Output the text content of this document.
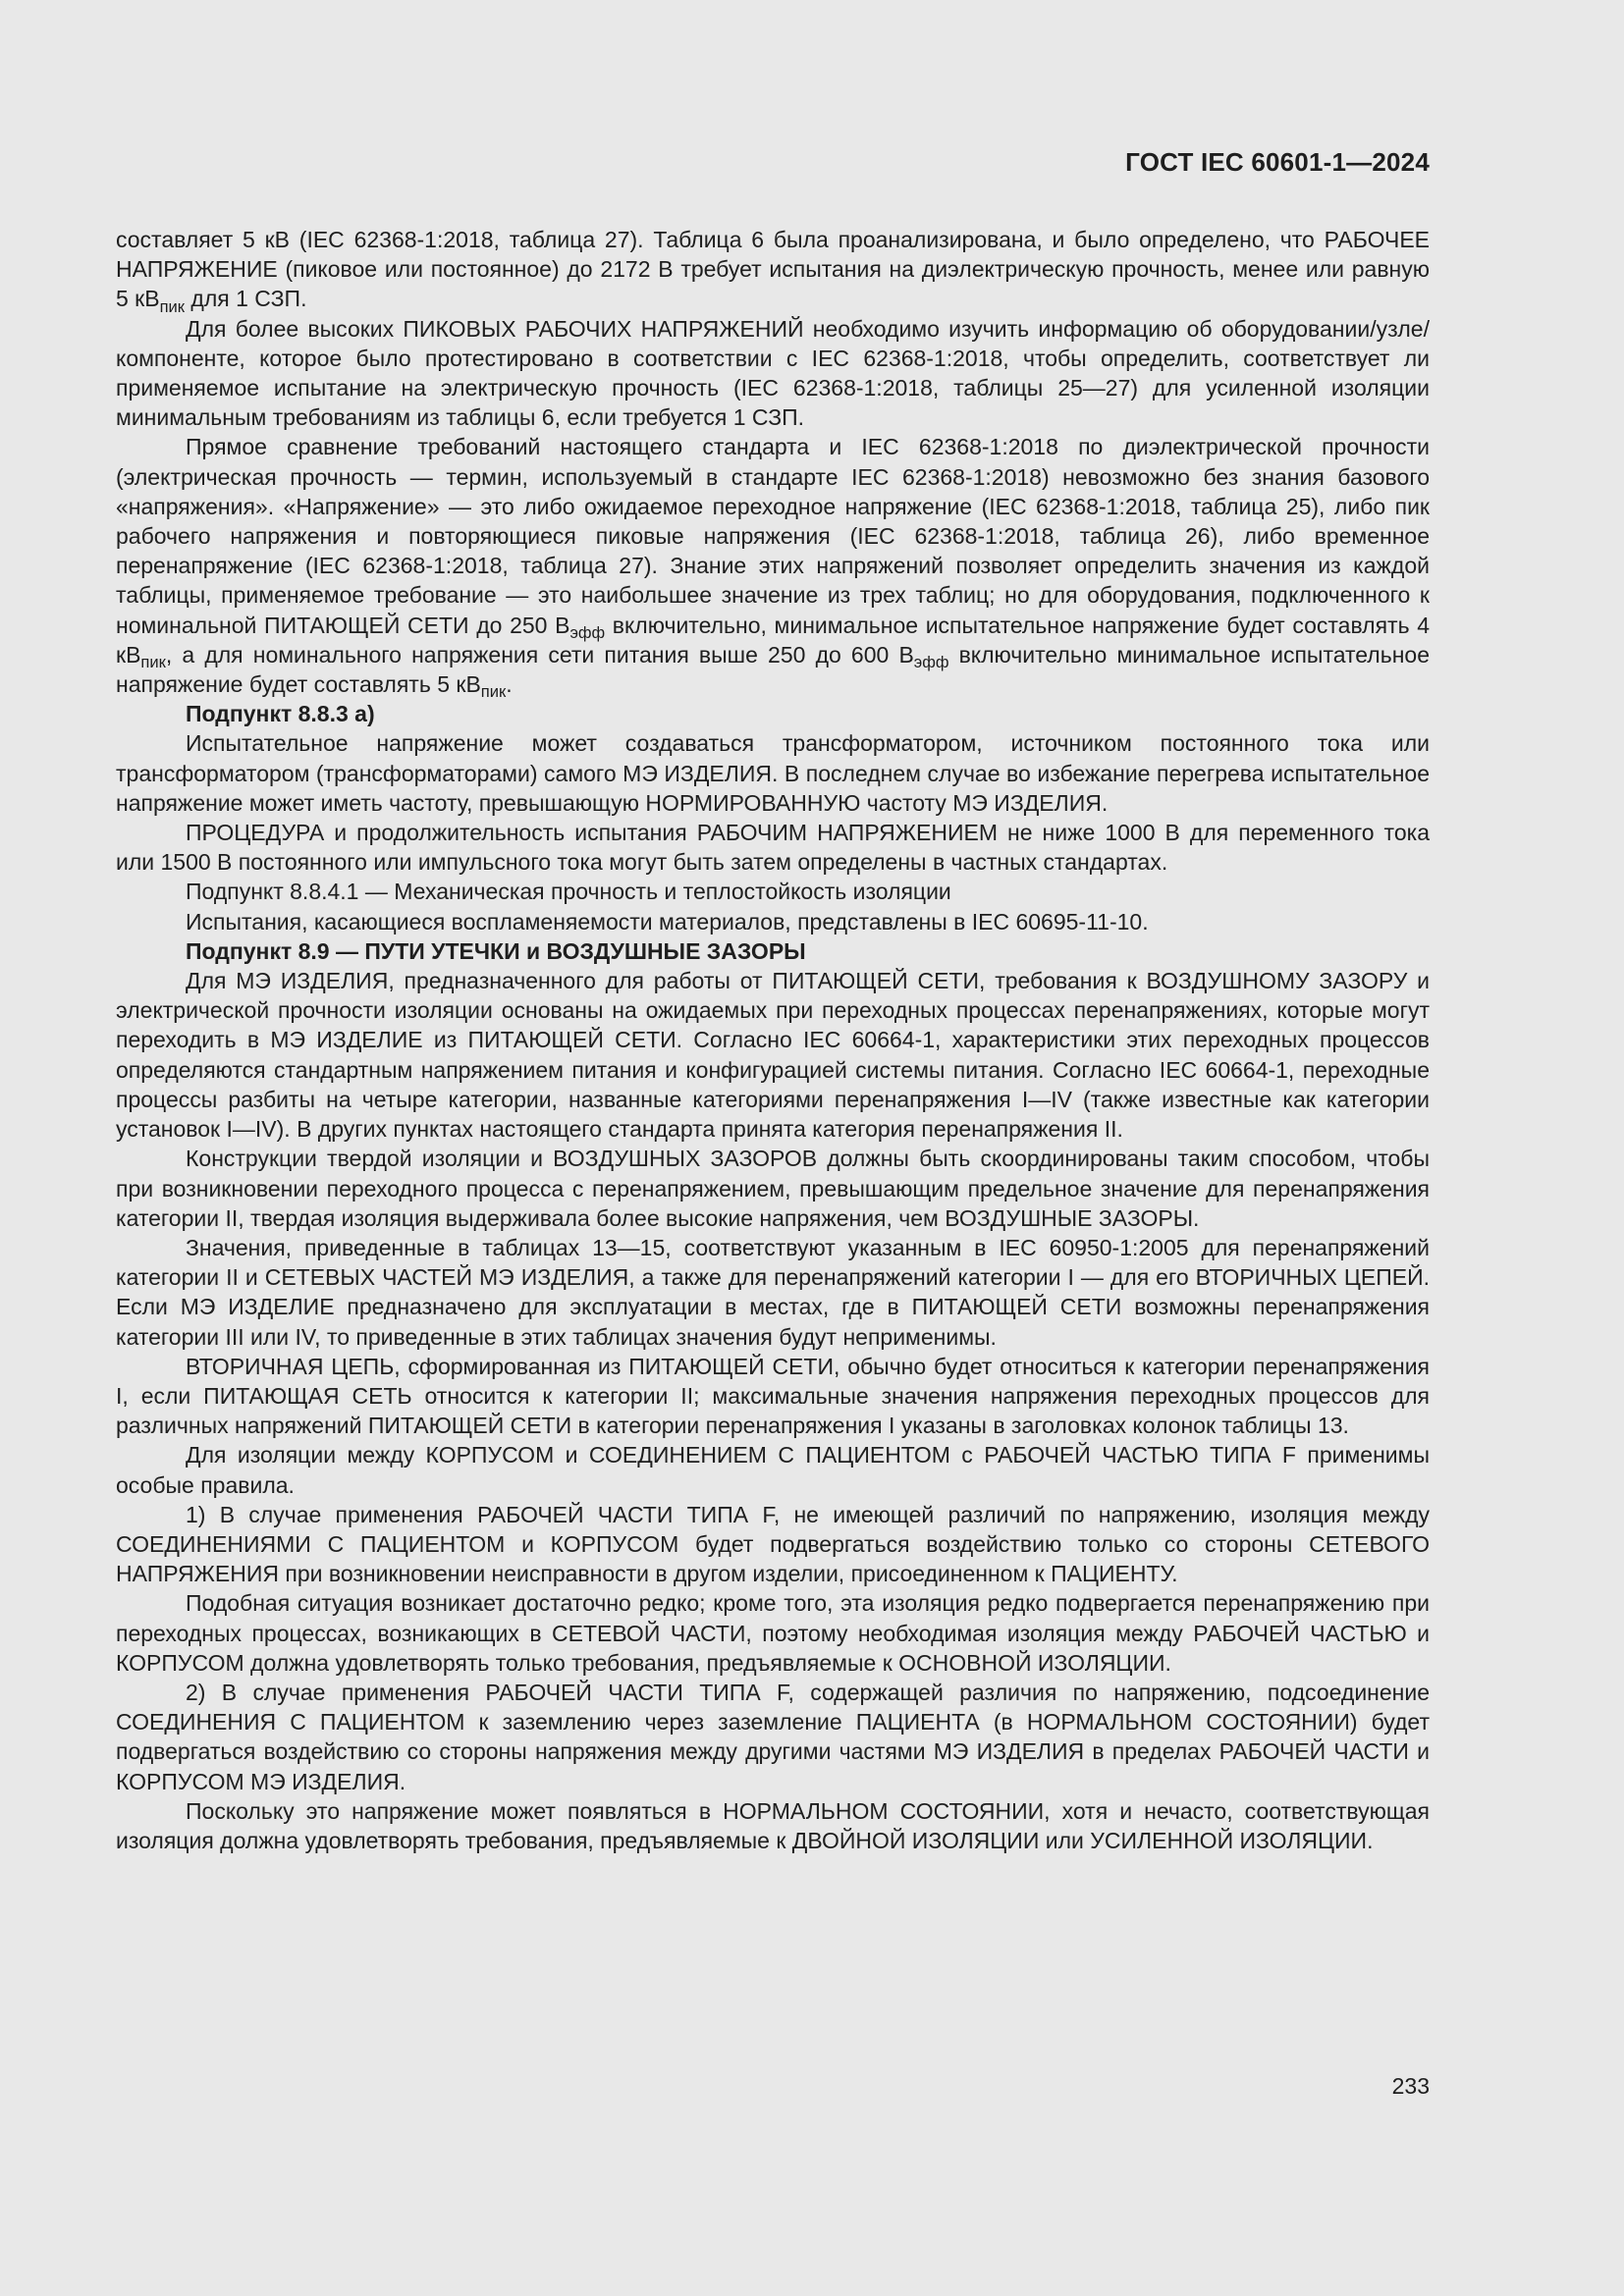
ГОСТ IEC 60601-1—2024

составляет 5 кВ (IEC 62368-1:2018, таблица 27). Таблица 6 была проанализирована, и было определено, что РАБОЧЕЕ НАПРЯЖЕНИЕ (пиковое или постоянное) до 2172 В требует испытания на диэлектрическую прочность, менее или равную 5 $кВ_{пик}$ для 1 СЗП.

Для более высоких ПИКОВЫХ РАБОЧИХ НАПРЯЖЕНИЙ необходимо изучить информацию об оборудовании/узле/компоненте, которое было протестировано в соответствии с IEC 62368-1:2018, чтобы определить, соответствует ли применяемое испытание на электрическую прочность (IEC 62368-1:2018, таблицы 25—27) для усиленной изоляции минимальным требованиям из таблицы 6, если требуется 1 СЗП.

Прямое сравнение требований настоящего стандарта и IEC 62368-1:2018 по диэлектрической прочности (электрическая прочность — термин, используемый в стандарте IEC 62368-1:2018) невозможно без знания базового «напряжения». «Напряжение» — это либо ожидаемое переходное напряжение (IEC 62368-1:2018, таблица 25), либо пик рабочего напряжения и повторяющиеся пиковые напряжения (IEC 62368-1:2018, таблица 26), либо временное перенапряжение (IEC 62368-1:2018, таблица 27). Знание этих напряжений позволяет определить значения из каждой таблицы, применяемое требование — это наибольшее значение из трех таблиц; но для оборудования, подключенного к номинальной ПИТАЮЩЕЙ СЕТИ до 250 $В_{эфф}$ включительно, минимальное испытательное напряжение будет составлять 4 $кВ_{пик}$, а для номинального напряжения сети питания выше 250 до 600 $В_{эфф}$ включительно минимальное испытательное напряжение будет составлять 5 $кВ_{пик}$.

Подпункт 8.8.3 а)

Испытательное напряжение может создаваться трансформатором, источником постоянного тока или трансформатором (трансформаторами) самого МЭ ИЗДЕЛИЯ. В последнем случае во избежание перегрева испытательное напряжение может иметь частоту, превышающую НОРМИРОВАННУЮ частоту МЭ ИЗДЕЛИЯ.

ПРОЦЕДУРА и продолжительность испытания РАБОЧИМ НАПРЯЖЕНИЕМ не ниже 1000 В для переменного тока или 1500 В постоянного или импульсного тока могут быть затем определены в частных стандартах.

Подпункт 8.8.4.1 — Механическая прочность и теплостойкость изоляции

Испытания, касающиеся воспламеняемости материалов, представлены в IEC 60695-11-10.

Подпункт 8.9 — ПУТИ УТЕЧКИ и ВОЗДУШНЫЕ ЗАЗОРЫ

Для МЭ ИЗДЕЛИЯ, предназначенного для работы от ПИТАЮЩЕЙ СЕТИ, требования к ВОЗДУШНОМУ ЗАЗОРУ и электрической прочности изоляции основаны на ожидаемых при переходных процессах перенапряжениях, которые могут переходить в МЭ ИЗДЕЛИЕ из ПИТАЮЩЕЙ СЕТИ. Согласно IEC 60664-1, характеристики этих переходных процессов определяются стандартным напряжением питания и конфигурацией системы питания. Согласно IEC 60664-1, переходные процессы разбиты на четыре категории, названные категориями перенапряжения I—IV (также известные как категории установок I—IV). В других пунктах настоящего стандарта принята категория перенапряжения II.

Конструкции твердой изоляции и ВОЗДУШНЫХ ЗАЗОРОВ должны быть скоординированы таким способом, чтобы при возникновении переходного процесса с перенапряжением, превышающим предельное значение для перенапряжения категории II, твердая изоляция выдерживала более высокие напряжения, чем ВОЗДУШНЫЕ ЗАЗОРЫ.

Значения, приведенные в таблицах 13—15, соответствуют указанным в IEC 60950-1:2005 для перенапряжений категории II и СЕТЕВЫХ ЧАСТЕЙ МЭ ИЗДЕЛИЯ, а также для перенапряжений категории I — для его ВТОРИЧНЫХ ЦЕПЕЙ. Если МЭ ИЗДЕЛИЕ предназначено для эксплуатации в местах, где в ПИТАЮЩЕЙ СЕТИ возможны перенапряжения категории III или IV, то приведенные в этих таблицах значения будут неприменимы.

ВТОРИЧНАЯ ЦЕПЬ, сформированная из ПИТАЮЩЕЙ СЕТИ, обычно будет относиться к категории перенапряжения I, если ПИТАЮЩАЯ СЕТЬ относится к категории II; максимальные значения напряжения переходных процессов для различных напряжений ПИТАЮЩЕЙ СЕТИ в категории перенапряжения I указаны в заголовках колонок таблицы 13.

Для изоляции между КОРПУСОМ и СОЕДИНЕНИЕМ С ПАЦИЕНТОМ с РАБОЧЕЙ ЧАСТЬЮ ТИПА F применимы особые правила.

1) В случае применения РАБОЧЕЙ ЧАСТИ ТИПА F, не имеющей различий по напряжению, изоляция между СОЕДИНЕНИЯМИ С ПАЦИЕНТОМ и КОРПУСОМ будет подвергаться воздействию только со стороны СЕТЕВОГО НАПРЯЖЕНИЯ при возникновении неисправности в другом изделии, присоединенном к ПАЦИЕНТУ.

Подобная ситуация возникает достаточно редко; кроме того, эта изоляция редко подвергается перенапряжению при переходных процессах, возникающих в СЕТЕВОЙ ЧАСТИ, поэтому необходимая изоляция между РАБОЧЕЙ ЧАСТЬЮ и КОРПУСОМ должна удовлетворять только требования, предъявляемые к ОСНОВНОЙ ИЗОЛЯЦИИ.

2) В случае применения РАБОЧЕЙ ЧАСТИ ТИПА F, содержащей различия по напряжению, подсоединение СОЕДИНЕНИЯ С ПАЦИЕНТОМ к заземлению через заземление ПАЦИЕНТА (в НОРМАЛЬНОМ СОСТОЯНИИ) будет подвергаться воздействию со стороны напряжения между другими частями МЭ ИЗДЕЛИЯ в пределах РАБОЧЕЙ ЧАСТИ и КОРПУСОМ МЭ ИЗДЕЛИЯ.

Поскольку это напряжение может появляться в НОРМАЛЬНОМ СОСТОЯНИИ, хотя и нечасто, соответствующая изоляция должна удовлетворять требования, предъявляемые к ДВОЙНОЙ ИЗОЛЯЦИИ или УСИЛЕННОЙ ИЗОЛЯЦИИ.

233
